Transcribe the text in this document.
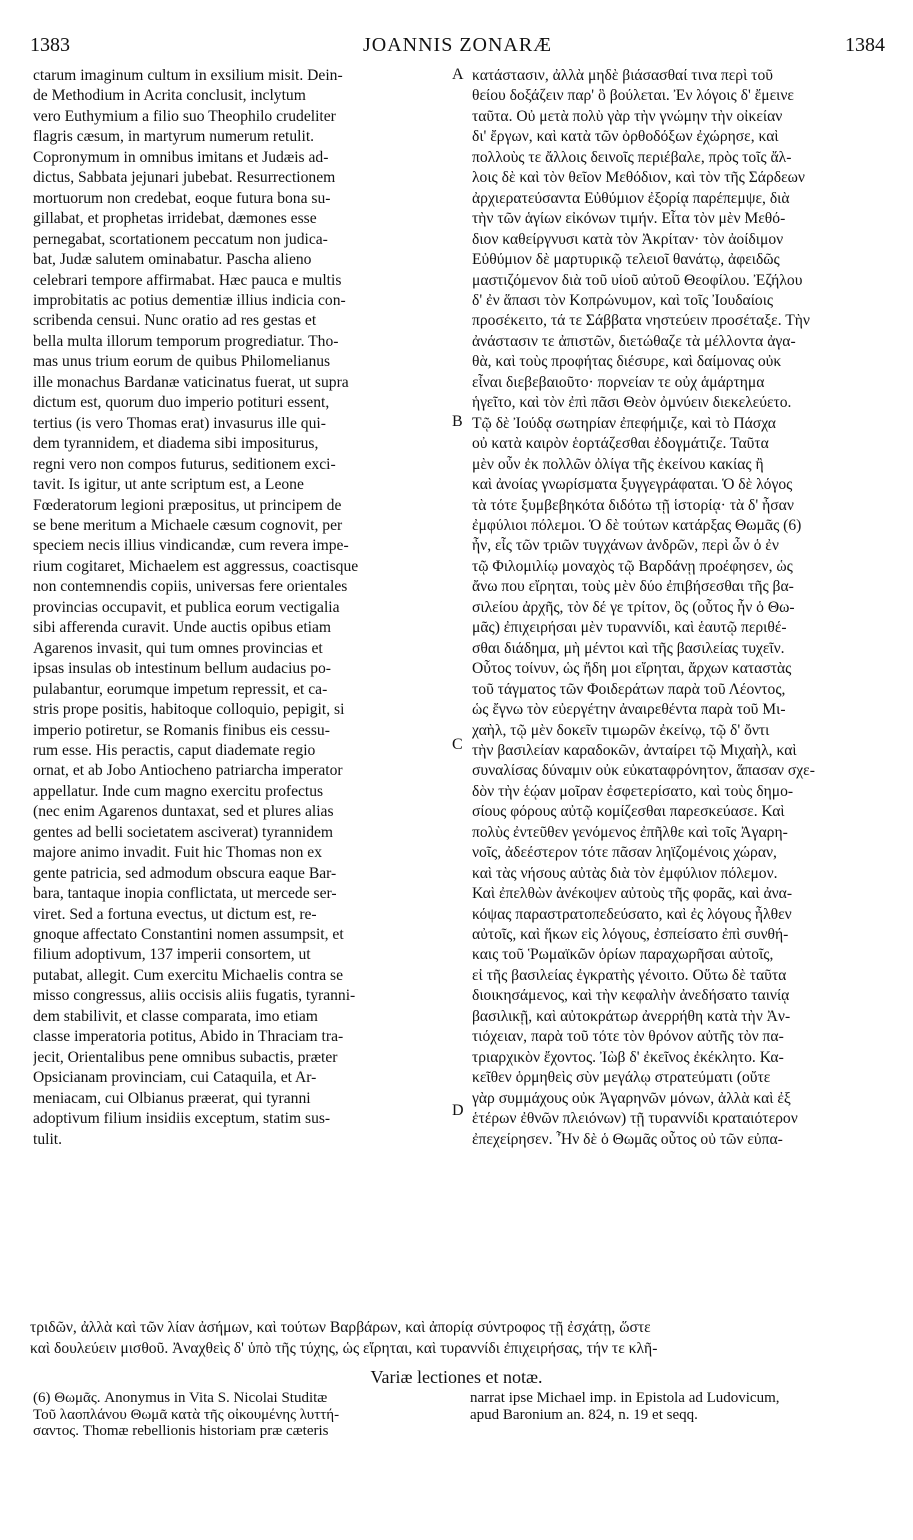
1383	JOANNIS ZONARÆ	1384
ctarum imaginum cultum in exsilium misit. Dein-
de Methodium in Acrita conclusit, inclytum
vero Euthymium a filio suo Theophilo crudeliter
flagris cæsum, in martyrum numerum retulit.
Copronymum in omnibus imitans et Judæis ad-
dictus, Sabbata jejunari jubebat. Resurrectionem
mortuorum non credebat, eoque futura bona su-
gillabat, et prophetas irridebat, dæmones esse
pernegabat, scortationem peccatum non judica-
bat, Judæ salutem ominabatur. Pascha alieno
celebrari tempore affirmabat. Hæc pauca e multis
improbitatis ac potius dementiæ illius indicia con-
scribenda censui. Nunc oratio ad res gestas et
bella multa illorum temporum progrediatur. Tho-
mas unus trium eorum de quibus Philomelianus
ille monachus Bardanæ vaticinatus fuerat, ut supra
dictum est, quorum duo imperio potituri essent,
tertius (is vero Thomas erat) invasurus ille qui-
dem tyrannidem, et diadema sibi impositurus,
regni vero non compos futurus, seditionem exci-
tavit. Is igitur, ut ante scriptum est, a Leone
Fœderatorum legioni præpositus, ut principem de
se bene meritum a Michaele cæsum cognovit, per
speciem necis illius vindicandæ, cum revera impe-
rium cogitaret, Michaelem est aggressus, coactisque
non contemnendis copiis, universas fere orientales
provincias occupavit, et publica eorum vectigalia
sibi afferenda curavit. Unde auctis opibus etiam
Agarenos invasit, qui tum omnes provincias et
ipsas insulas ob intestinum bellum audacius po-
pulabantur, eorumque impetum repressit, et ca-
stris prope positis, habitoque colloquio, pepigit, si
imperio potiretur, se Romanis finibus eis cessu-
rum esse. His peractis, caput diademate regio
ornat, et ab Jobo Antiocheno patriarcha imperator
appellatur. Inde cum magno exercitu profectus
(nec enim Agarenos duntaxat, sed et plures alias
gentes ad belli societatem asciverat) tyrannidem
majore animo invadit. Fuit hic Thomas non ex
gente patricia, sed admodum obscura eaque Bar-
bara, tantaque inopia conflictata, ut mercede ser-
viret. Sed a fortuna evectus, ut dictum est, re-
gnoque affectato Constantini nomen assumpsit, et
filium adoptivum, 137 imperii consortem, ut
putabat, allegit. Cum exercitu Michaelis contra se
misso congressus, aliis occisis aliis fugatis, tyranni-
dem stabilivit, et classe comparata, imo etiam
classe imperatoria potitus, Abido in Thraciam tra-
jecit, Orientalibus pene omnibus subactis, præter
Opsicianam provinciam, cui Cataquila, et Ar-
meniacam, cui Olbianus præerat, qui tyranni
adoptivum filium insidiis exceptum, statim sus-
tulit.
κατάστασιν, ἀλλὰ μηδὲ βιάσασθαί τινα περὶ τοῦ
θείου δοξάζειν παρ' ὃ βούλεται. Ἐν λόγοις δ' ἔμεινε
ταῦτα. Οὐ μετὰ πολὺ γὰρ τὴν γνώμην τὴν οἰκείαν
δι' ἔργων, καὶ κατὰ τῶν ὀρθοδόξων ἐχώρησε, καὶ
πολλοὺς τε ἄλλοις δεινοῖς περιέβαλε, πρὸς τοῖς ἄλ-
λοις δὲ καὶ τὸν θεῖον Μεθόδιον, καὶ τὸν τῆς Σάρδεων
ἀρχιερατεύσαντα Εὐθύμιον ἐξορίᾳ παρέπεμψε, διὰ
τὴν τῶν ἁγίων εἰκόνων τιμήν. Εἶτα τὸν μὲν Μεθό-
διον καθείργνυσι κατὰ τὸν Ἀκρίταν· τὸν ἀοίδιμον
Εὐθύμιον δὲ μαρτυρικῷ τελειοῖ θανάτῳ, ἀφειδῶς
μαστιζόμενον διὰ τοῦ υἱοῦ αὐτοῦ Θεοφίλου. Ἐζήλου
δ' ἐν ἅπασι τὸν Κοπρώνυμον, καὶ τοῖς Ἰουδαίοις
προσέκειτο, τά τε Σάββατα νηστεύειν προσέταξε. Τὴν
ἀνάστασιν τε ἀπιστῶν, διετώθαζε τὰ μέλλοντα ἀγα-
θὰ, καὶ τοὺς προφήτας διέσυρε, καὶ δαίμονας οὐκ
εἶναι διεβεβαιοῦτο· πορνείαν τε οὐχ ἁμάρτημα
ἡγεῖτο, καὶ τὸν ἐπὶ πᾶσι Θεὸν ὀμνύειν διεκελεύετο.
Τῷ δὲ Ἰούδᾳ σωτηρίαν ἐπεφήμιζε, καὶ τὸ Πάσχα
οὐ κατὰ καιρὸν ἑορτάζεσθαι ἐδογμάτιζε. Ταῦτα
μὲν οὖν ἐκ πολλῶν ὀλίγα τῆς ἐκείνου κακίας ἢ
καὶ ἀνοίας γνωρίσματα ξυγγεγράφαται. Ὁ δὲ λόγος
τὰ τότε ξυμβεβηκότα διδότω τῇ ἱστορίᾳ· τὰ δ' ἦσαν
ἐμφύλιοι πόλεμοι. Ὁ δὲ τούτων κατάρξας Θωμᾶς (6)
ἦν, εἷς τῶν τριῶν τυγχάνων ἀνδρῶν, περὶ ὧν ὁ ἐν
τῷ Φιλομιλίῳ μοναχὸς τῷ Βαρδάνῃ προέφησεν, ὡς
ἄνω που εἴρηται, τοὺς μὲν δύο ἐπιβήσεσθαι τῆς βα-
σιλείου ἀρχῆς, τὸν δέ γε τρίτον, ὃς (οὗτος ἦν ὁ Θω-
μᾶς) ἐπιχειρήσαι μὲν τυραννίδι, καὶ ἑαυτῷ περιθέ-
σθαι διάδημα, μὴ μέντοι καὶ τῆς βασιλείας τυχεῖν.
Οὗτος τοίνυν, ὡς ἤδη μοι εἴρηται, ἄρχων καταστὰς
τοῦ τάγματος τῶν Φοιδεράτων παρὰ τοῦ Λέοντος,
ὡς ἔγνω τὸν εὐεργέτην ἀναιρεθέντα παρὰ τοῦ Μι-
χαὴλ, τῷ μὲν δοκεῖν τιμωρῶν ἐκείνῳ, τῷ δ' ὄντι
τὴν βασιλείαν καραδοκῶν, ἀνταίρει τῷ Μιχαὴλ, καὶ
συναλίσας δύναμιν οὐκ εὐκαταφρόνητον, ἅπασαν σχε-
δὸν τὴν ἑῴαν μοῖραν ἐσφετερίσατο, καὶ τοὺς δημο-
σίους φόρους αὐτῷ κομίζεσθαι παρεσκεύασε. Καὶ
πολὺς ἐντεῦθεν γενόμενος ἐπῆλθε καὶ τοῖς Ἀγαρη-
νοῖς, ἀδεέστερον τότε πᾶσαν ληϊζομένοις χώραν,
καὶ τὰς νήσους αὐτὰς διὰ τὸν ἐμφύλιον πόλεμον.
Καὶ ἐπελθὼν ἀνέκοψεν αὐτοὺς τῆς φορᾶς, καὶ ἀνα-
κόψας παραστρατοπεδεύσατο, καὶ ἐς λόγους ἦλθεν
αὐτοῖς, καὶ ἥκων εἰς λόγους, ἐσπείσατο ἐπὶ συνθή-
καις τοῦ Ῥωμαϊκῶν ὁρίων παραχωρῆσαι αὐτοῖς,
εἰ τῆς βασιλείας ἐγκρατὴς γένοιτο. Οὕτω δὲ ταῦτα
διοικησάμενος, καὶ τὴν κεφαλὴν ἀνεδήσατο ταινίᾳ
βασιλικῇ, καὶ αὐτοκράτωρ ἀνερρήθη κατὰ τὴν Ἀν-
τιόχειαν, παρὰ τοῦ τότε τὸν θρόνον αὐτῆς τὸν πα-
τριαρχικὸν ἔχοντος. Ἰὼβ δ' ἐκεῖνος ἐκέκλητο. Κα-
κεῖθεν ὁρμηθεὶς σὺν μεγάλῳ στρατεύματι (οὔτε
γὰρ συμμάχους οὐκ Ἀγαρηνῶν μόνων, ἀλλὰ καὶ ἐξ
ἑτέρων ἐθνῶν πλειόνων) τῇ τυραννίδι κραταιότερον
ἐπεχείρησεν. Ἦν δὲ ὁ Θωμᾶς οὗτος οὐ τῶν εὐπα-
A
B
C
D
τριδῶν, ἀλλὰ καὶ τῶν λίαν ἀσήμων, καὶ τούτων Βαρβάρων, καὶ ἀπορίᾳ σύντροφος τῇ ἐσχάτῃ, ὥστε
καὶ δουλεύειν μισθοῦ. Ἀναχθεὶς δ' ὑπὸ τῆς τύχης, ὡς εἴρηται, καὶ τυραννίδι ἐπιχειρήσας, τήν τε κλῆ-
Variæ lectiones et notæ.
(6) Θωμᾶς. Anonymus in Vita S. Nicolai Studitæ
Τοῦ λαοπλάνου Θωμᾶ κατὰ τῆς οἰκουμένης λυττή-
σαντος. Thomæ rebellionis historiam præ cæteris
narrat ipse Michael imp. in Epistola ad Ludovicum,
apud Baronium an. 824, n. 19 et seqq.
